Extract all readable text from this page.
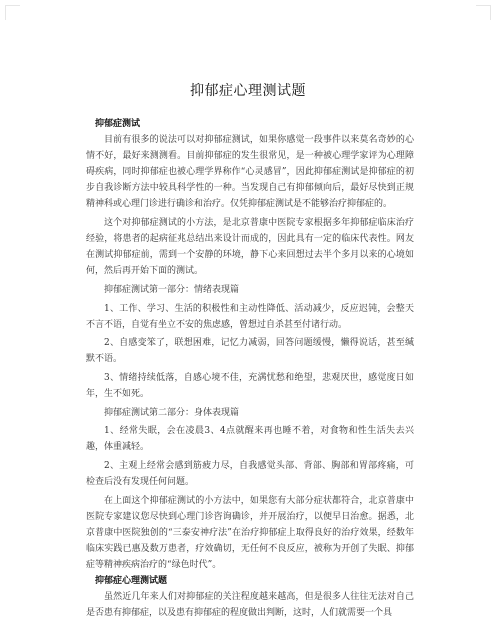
抑郁症心理测试题
抑郁症测试

目前有很多的说法可以对抑郁症测试，如果你感觉一段事件以来莫名奇妙的心情不好，最好来测测看。目前抑郁症的发生很常见，是一种被心理学家评为心理障碍疾病，同时抑郁症也被心理学界称作“心灵感冒”，因此抑郁症测试是抑郁症的初步自我诊断方法中较具科学性的一种。当发现自己有抑郁倾向后，最好尽快到正规精神科或心理门诊进行确诊和治疗。仅凭抑郁症测试是不能够治疗抑郁症的。

这个对抑郁症测试的小方法，是北京普康中医院专家根据多年抑郁症临床治疗经验，将患者的起病征兆总结出来设计而成的，因此具有一定的临床代表性。网友在测试抑郁症前，需到一个安静的环境，静下心来回想过去半个多月以来的心境如何，然后再开始下面的测试。

抑郁症测试第一部分：情绪表现篇

1、工作、学习、生活的积极性和主动性降低、活动减少，反应迟钝，会整天不言不语，自觉有坐立不安的焦虑感，曾想过自杀甚至付诸行动。

2、自感变笨了，联想困难，记忆力减弱，回答问题缓慢，懒得说话，甚至缄默不语。

3、情绪持续低落，自感心境不佳，充满忧愁和绝望，悲观厌世，感觉度日如年，生不如死。

抑郁症测试第二部分：身体表现篇

1、经常失眠，会在凌晨3、4点就醒来再也睡不着，对食物和性生活失去兴趣，体重减轻。

2、主观上经常会感到筋疲力尽，自我感觉头部、背部、胸部和胃部疼痛，可检查后没有发现任何问题。

在上面这个抑郁症测试的小方法中，如果您有大部分症状都符合，北京普康中医院专家建议您尽快到心理门诊咨询确诊，并开展治疗，以便早日治愈。据悉，北京普康中医院独创的“三泰安神疗法”在治疗抑郁症上取得良好的治疗效果，经数年临床实践已惠及数万患者，疗效确切，无任何不良反应，被称为开创了失眠、抑郁症等精神疾病治疗的“绿色时代”。

抑郁症心理测试题

虽然近几年来人们对抑郁症的关注程度越来越高，但是很多人往往无法对自己是否患有抑郁症，以及患有抑郁症的程度做出判断，这时，人们就需要一个具
